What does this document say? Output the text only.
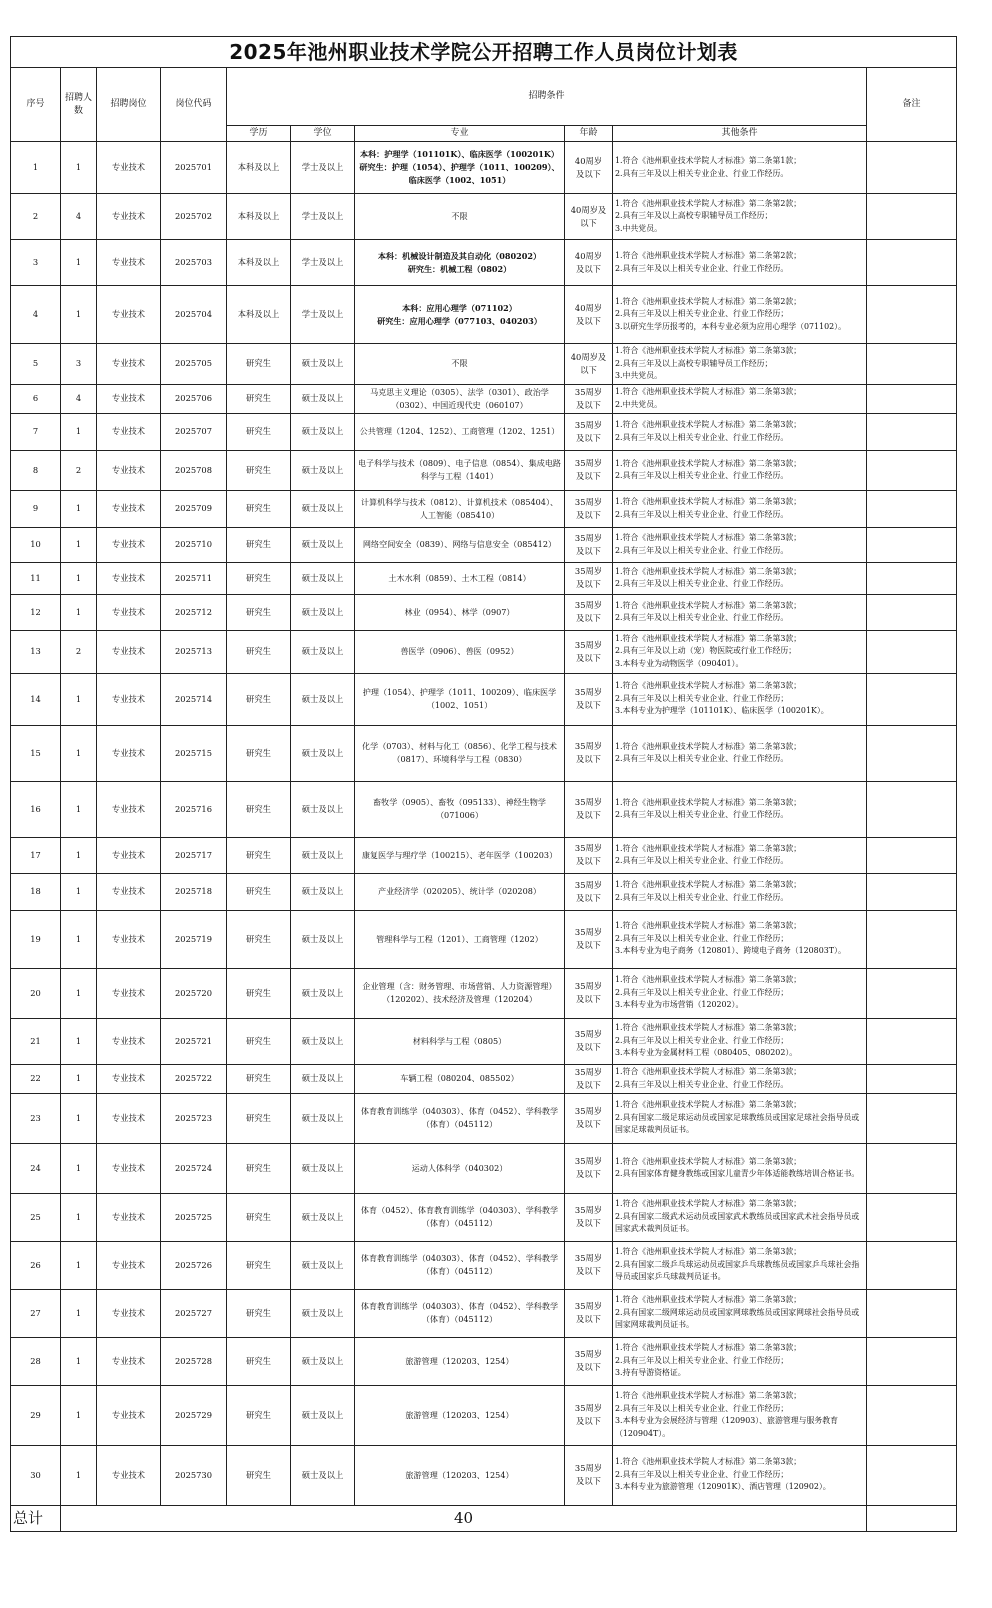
2025年池州职业技术学院公开招聘工作人员岗位计划表									
序号	招聘人数	招聘岗位	岗位代码	招聘条件					备注
				学历	学位	专业	年龄	其他条件	
1	1	专业技术	2025701	本科及以上	学士及以上	本科：护理学（101101K）、临床医学（100201K）
研究生：护理（1054）、护理学（1011、100209）、临床医学（1002、1051）	40周岁
及以下	1.符合《池州职业技术学院人才标准》第二条第1款；
2.具有三年及以上相关专业企业、行业工作经历。	
2	4	专业技术	2025702	本科及以上	学士及以上	不限	40周岁及
以下	1.符合《池州职业技术学院人才标准》第二条第2款；
2.具有三年及以上高校专职辅导员工作经历；
3.中共党员。	
3	1	专业技术	2025703	本科及以上	学士及以上	本科：机械设计制造及其自动化（080202）
研究生：机械工程（0802）	40周岁
及以下	1.符合《池州职业技术学院人才标准》第二条第2款；
2.具有三年及以上相关专业企业、行业工作经历。	
4	1	专业技术	2025704	本科及以上	学士及以上	本科：应用心理学（071102）
研究生：应用心理学（077103、040203）	40周岁
及以下	1.符合《池州职业技术学院人才标准》第二条第2款；
2.具有三年及以上相关专业企业、行业工作经历；
3.以研究生学历报考的，本科专业必须为应用心理学（071102）。	
5	3	专业技术	2025705	研究生	硕士及以上	不限	40周岁及
以下	1.符合《池州职业技术学院人才标准》第二条第3款；
2.具有三年及以上高校专职辅导员工作经历；
3.中共党员。	
6	4	专业技术	2025706	研究生	硕士及以上	马克思主义理论（0305）、法学（0301）、政治学（0302）、中国近现代史（060107）	35周岁
及以下	1.符合《池州职业技术学院人才标准》第二条第3款；
2.中共党员。	
7	1	专业技术	2025707	研究生	硕士及以上	公共管理（1204、1252）、工商管理（1202、1251）	35周岁
及以下	1.符合《池州职业技术学院人才标准》第二条第3款；
2.具有三年及以上相关专业企业、行业工作经历。	
8	2	专业技术	2025708	研究生	硕士及以上	电子科学与技术（0809）、电子信息（0854）、集成电路科学与工程（1401）	35周岁
及以下	1.符合《池州职业技术学院人才标准》第二条第3款；
2.具有三年及以上相关专业企业、行业工作经历。	
9	1	专业技术	2025709	研究生	硕士及以上	计算机科学与技术（0812）、计算机技术（085404）、人工智能（085410）	35周岁
及以下	1.符合《池州职业技术学院人才标准》第二条第3款；
2.具有三年及以上相关专业企业、行业工作经历。	
10	1	专业技术	2025710	研究生	硕士及以上	网络空间安全（0839）、网络与信息安全（085412）	35周岁
及以下	1.符合《池州职业技术学院人才标准》第二条第3款；
2.具有三年及以上相关专业企业、行业工作经历。	
11	1	专业技术	2025711	研究生	硕士及以上	土木水利（0859）、土木工程（0814）	35周岁
及以下	1.符合《池州职业技术学院人才标准》第二条第3款；
2.具有三年及以上相关专业企业、行业工作经历。	
12	1	专业技术	2025712	研究生	硕士及以上	林业（0954）、林学（0907）	35周岁
及以下	1.符合《池州职业技术学院人才标准》第二条第3款；
2.具有三年及以上相关专业企业、行业工作经历。	
13	2	专业技术	2025713	研究生	硕士及以上	兽医学（0906）、兽医（0952）	35周岁
及以下	1.符合《池州职业技术学院人才标准》第二条第3款；
2.具有三年及以上动（宠）物医院或行业工作经历；
3.本科专业为动物医学（090401）。	
14	1	专业技术	2025714	研究生	硕士及以上	护理（1054）、护理学（1011、100209）、临床医学（1002、1051）	35周岁
及以下	1.符合《池州职业技术学院人才标准》第二条第3款；
2.具有三年及以上相关专业企业、行业工作经历；
3.本科专业为护理学（101101K）、临床医学（100201K）。	
15	1	专业技术	2025715	研究生	硕士及以上	化学（0703）、材料与化工（0856）、化学工程与技术（0817）、环境科学与工程（0830）	35周岁
及以下	1.符合《池州职业技术学院人才标准》第二条第3款；
2.具有三年及以上相关专业企业、行业工作经历。	
16	1	专业技术	2025716	研究生	硕士及以上	畜牧学（0905）、畜牧（095133）、神经生物学（071006）	35周岁
及以下	1.符合《池州职业技术学院人才标准》第二条第3款；
2.具有三年及以上相关专业企业、行业工作经历。	
17	1	专业技术	2025717	研究生	硕士及以上	康复医学与理疗学（100215）、老年医学（100203）	35周岁
及以下	1.符合《池州职业技术学院人才标准》第二条第3款；
2.具有三年及以上相关专业企业、行业工作经历。	
18	1	专业技术	2025718	研究生	硕士及以上	产业经济学（020205）、统计学（020208）	35周岁
及以下	1.符合《池州职业技术学院人才标准》第二条第3款；
2.具有三年及以上相关专业企业、行业工作经历。	
19	1	专业技术	2025719	研究生	硕士及以上	管理科学与工程（1201）、工商管理（1202）	35周岁
及以下	1.符合《池州职业技术学院人才标准》第二条第3款；
2.具有三年及以上相关专业企业、行业工作经历；
3.本科专业为电子商务（120801）、跨境电子商务（120803T）。	
20	1	专业技术	2025720	研究生	硕士及以上	企业管理（含：财务管理、市场营销、人力资源管理）（120202）、技术经济及管理（120204）	35周岁
及以下	1.符合《池州职业技术学院人才标准》第二条第3款；
2.具有三年及以上相关专业企业、行业工作经历；
3.本科专业为市场营销（120202）。	
21	1	专业技术	2025721	研究生	硕士及以上	材料科学与工程（0805）	35周岁
及以下	1.符合《池州职业技术学院人才标准》第二条第3款；
2.具有三年及以上相关专业企业、行业工作经历；
3.本科专业为金属材料工程（080405、080202）。	
22	1	专业技术	2025722	研究生	硕士及以上	车辆工程（080204、085502）	35周岁
及以下	1.符合《池州职业技术学院人才标准》第二条第3款；
2.具有三年及以上相关专业企业、行业工作经历。	
23	1	专业技术	2025723	研究生	硕士及以上	体育教育训练学（040303）、体育（0452）、学科教学（体育）（045112）	35周岁
及以下	1.符合《池州职业技术学院人才标准》第二条第3款；
2.具有国家二级足球运动员或国家足球教练员或国家足球社会指导员或国家足球裁判员证书。	
24	1	专业技术	2025724	研究生	硕士及以上	运动人体科学（040302）	35周岁
及以下	1.符合《池州职业技术学院人才标准》第二条第3款；
2.具有国家体育健身教练或国家儿童青少年体适能教练培训合格证书。	
25	1	专业技术	2025725	研究生	硕士及以上	体育（0452）、体育教育训练学（040303）、学科教学（体育）（045112）	35周岁
及以下	1.符合《池州职业技术学院人才标准》第二条第3款；
2.具有国家二级武术运动员或国家武术教练员或国家武术社会指导员或国家武术裁判员证书。	
26	1	专业技术	2025726	研究生	硕士及以上	体育教育训练学（040303）、体育（0452）、学科教学（体育）（045112）	35周岁
及以下	1.符合《池州职业技术学院人才标准》第二条第3款；
2.具有国家二级乒乓球运动员或国家乒乓球教练员或国家乒乓球社会指导员或国家乒乓球裁判员证书。	
27	1	专业技术	2025727	研究生	硕士及以上	体育教育训练学（040303）、体育（0452）、学科教学（体育）（045112）	35周岁
及以下	1.符合《池州职业技术学院人才标准》第二条第3款；
2.具有国家二级网球运动员或国家网球教练员或国家网球社会指导员或国家网球裁判员证书。	
28	1	专业技术	2025728	研究生	硕士及以上	旅游管理（120203、1254）	35周岁
及以下	1.符合《池州职业技术学院人才标准》第二条第3款；
2.具有三年及以上相关专业企业、行业工作经历；
3.持有导游资格证。	
29	1	专业技术	2025729	研究生	硕士及以上	旅游管理（120203、1254）	35周岁
及以下	1.符合《池州职业技术学院人才标准》第二条第3款；
2.具有三年及以上相关专业企业、行业工作经历；
3.本科专业为会展经济与管理（120903）、旅游管理与服务教育（120904T）。	
30	1	专业技术	2025730	研究生	硕士及以上	旅游管理（120203、1254）	35周岁
及以下	1.符合《池州职业技术学院人才标准》第二条第3款；
2.具有三年及以上相关专业企业、行业工作经历；
3.本科专业为旅游管理（120901K）、酒店管理（120902）。	
总计	40								
